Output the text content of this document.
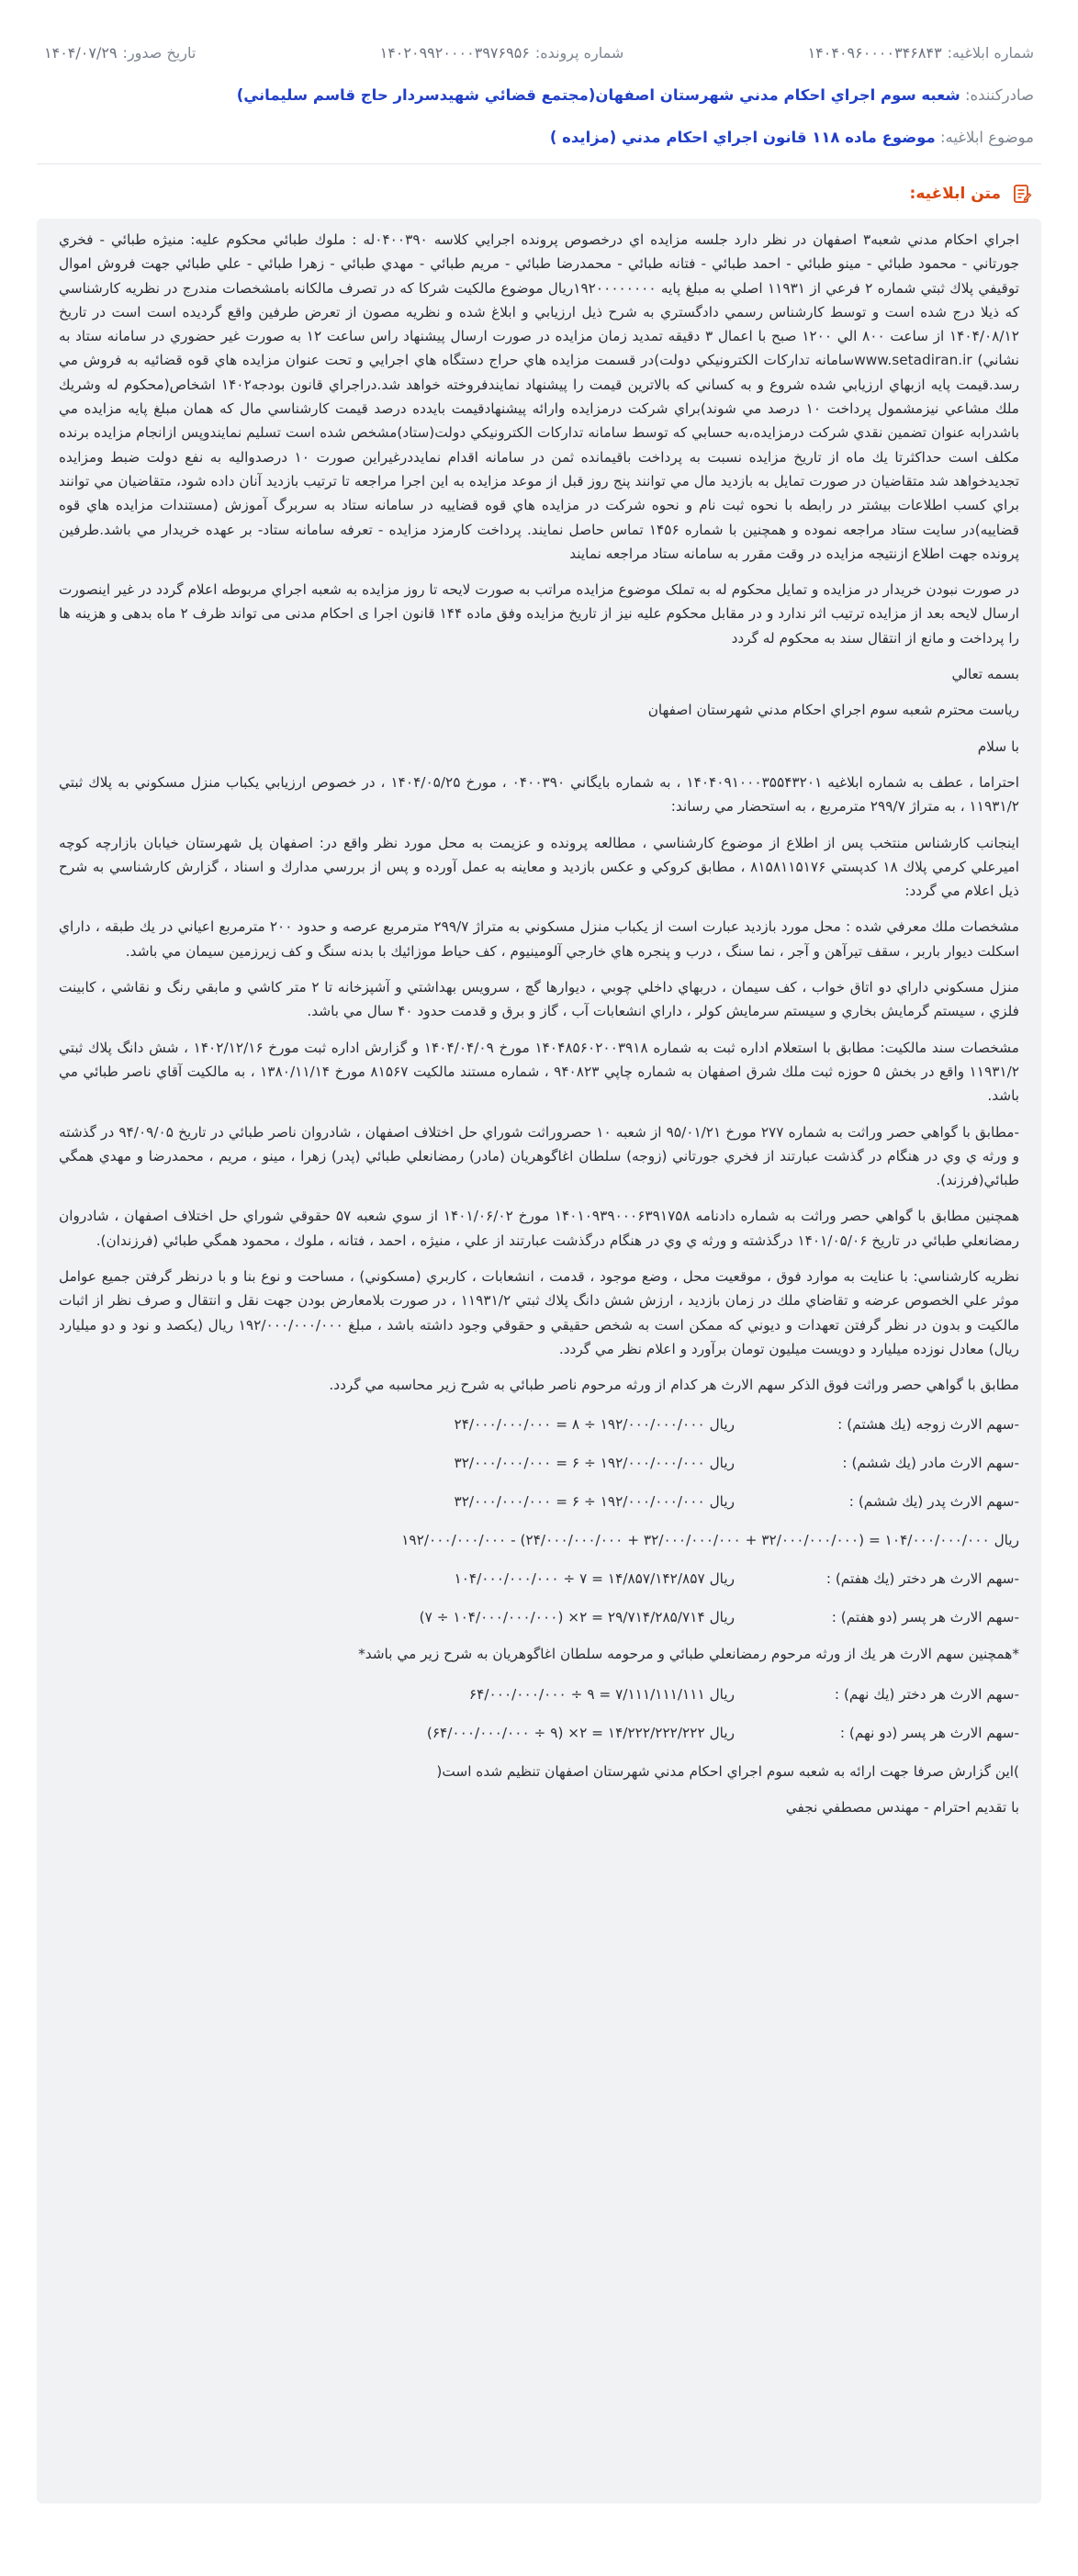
شماره ابلاغيه:
۱۴۰۴۰۹۶۰۰۰۰۳۴۶۸۴۳
شماره پرونده:
۱۴۰۲۰۹۹۲۰۰۰۰۳۹۷۶۹۵۶
تاريخ صدور:
۱۴۰۴/۰۷/۲۹
صادرکننده: شعبه سوم اجراي احکام مدني شهرستان اصفهان(مجتمع قضائي شهيدسردار حاج قاسم سليماني)
موضوع ابلاغيه: موضوع ماده ۱۱۸ قانون اجراي احکام مدني (مزايده )
متن ابلاغيه:

اجراي احکام مدني شعبه۳ اصفهان در نظر دارد جلسه مزايده اي درخصوص پرونده اجرايي کلاسه ۰۴۰۰۳۹۰له : ملوك طبائي محکوم عليه: منيژه طبائي - فخري جورتاني - محمود طبائي - مينو طبائي - احمد طبائي - فتانه طبائي - محمدرضا طبائي - مريم طبائي - مهدي طبائي - زهرا طبائي - علي طبائي جهت فروش اموال توقيفي پلاك ثبتي شماره ۲ فرعي از ۱۱۹۳۱ اصلي به مبلغ پايه ۱۹۲۰۰۰۰۰۰۰۰ريال موضوع مالکيت شرکا که در تصرف مالکانه بامشخصات مندرج در نظريه کارشناسي كه ذيلا درج شده است و توسط کارشناس رسمي دادگستري به شرح ذيل ارزيابي و ابلاغ شده و نظريه مصون از تعرض طرفين واقع گرديده است است در تاريخ ۱۴۰۴/۰۸/۱۲ از ساعت ۸۰۰ الي ۱۲۰۰ صبح با اعمال ۳ دقيقه تمديد زمان مزايده در صورت ارسال پيشنهاد راس ساعت ۱۲ به صورت غير حضوري در سامانه ستاد به نشاني) www.setadiran.irسامانه تداركات الكترونيكي دولت)در قسمت مزايده هاي حراج دستگاه هاي اجرايي و تحت عنوان مزايده هاي قوه قضائيه به فروش مي رسد.قيمت پايه ازبهاي ارزيابي شده شروع و به كساني كه بالاترين قيمت را پيشنهاد نمايندفروخته خواهد شد.دراجراي قانون بودجه۱۴۰۲ اشخاص(محكوم له وشريك ملك مشاعي نيزمشمول پرداخت ۱۰ درصد مي شوند)براي شرکت درمزايده وارائه پيشنهادقيمت بايدده درصد قيمت كارشناسي مال كه همان مبلغ پايه مزايده مي باشدرابه عنوان تضمين نقدي شركت درمزايده،به حسابي كه توسط سامانه تداركات الكترونيكي دولت(ستاد)مشخص شده است تسليم نمايندوپس ازانجام مزايده برنده مكلف است حداكثرتا يك ماه از تاريخ مزايده نسبت به پرداخت باقيمانده ثمن در سامانه اقدام نمايددرغيراين صورت ۱۰ درصدواليه به نفع دولت ضبط ومزايده تجديدخواهد شد متقاضيان در صورت تمايل به بازديد مال مي توانند پنج روز قبل از موعد مزايده به اين اجرا مراجعه تا ترتيب بازديد آنان داده شود، متقاضيان مي توانند براي کسب اطلاعات بيشتر در رابطه با نحوه ثبت نام و نحوه شرکت در مزايده هاي قوه قضاييه در سامانه ستاد به سربرگ آموزش (مستندات مزايده هاي قوه قضاييه)در سايت ستاد مراجعه نموده و همچنين با شماره ۱۴۵۶ تماس حاصل نمايند. پرداخت کارمزد مزايده - تعرفه سامانه ستاد- بر عهده خريدار مي باشد.طرفين پرونده جهت اطلاع ازنتيجه مزايده در وقت مقرر به سامانه ستاد مراجعه نمايند

در صورت نبودن خريدار در مزايده و تمايل محکوم له به تملک موضوع مزايده مراتب به صورت لايحه تا روز مزايده به شعبه اجراي مربوطه اعلام گردد در غير اينصورت ارسال لايحه بعد از مزايده ترتيب اثر ندارد و در مقابل محکوم عليه نيز از تاريخ مزايده وفق ماده ۱۴۴ قانون اجرا ی احکام مدنی می تواند ظرف ۲ ماه بدهی و هزينه ها را پرداخت و مانع از انتقال سند به محکوم له گردد

بسمه تعالي

رياست محترم شعبه سوم اجراي احكام مدني شهرستان اصفهان

با سلام

احتراما ، عطف به شماره ابلاغيه ۱۴۰۴۰۹۱۰۰۰۳۵۵۴۳۲۰۱ ، به شماره بايگاني ۰۴۰۰۳۹۰ ، مورخ ۱۴۰۴/۰۵/۲۵ ، در خصوص ارزيابي يکباب منزل مسکوني به پلاك ثبتي ۱۱۹۳۱/۲ ، به متراژ ۲۹۹/۷ مترمربع ، به استحضار مي رساند:

اينجانب کارشناس منتخب پس از اطلاع از موضوع کارشناسي ، مطالعه پرونده و عزيمت به محل مورد نظر واقع در: اصفهان پل شهرستان خيابان بازارچه كوچه اميرعلي كرمي پلاك ۱۸ كدپستي ۸۱۵۸۱۱۵۱۷۶ ، مطابق کروکي و عکس بازديد و معاينه به عمل آورده و پس از بررسي مدارك و اسناد ، گزارش کارشناسي به شرح ذيل اعلام مي گردد:

مشخصات ملك معرفي شده : محل مورد بازديد عبارت است از يکباب منزل مسکوني به متراژ ۲۹۹/۷ مترمربع عرصه و حدود ۲۰۰ مترمربع اعياني در يك طبقه ، داراي اسکلت ديوار باربر ، سقف تيرآهن و آجر ، نما سنگ ، درب و پنجره هاي خارجي آلومينيوم ، کف حياط موزائيك با بدنه سنگ و کف زيرزمين سيمان مي باشد.

منزل مسکوني داراي دو اتاق خواب ، کف سيمان ، دربهاي داخلي چوبي ، ديوارها گچ ، سرويس بهداشتي و آشپزخانه تا ۲ متر کاشي و مابقي رنگ و نقاشي ، کابينت فلزي ، سيستم گرمايش بخاري و سيستم سرمايش کولر ، داراي انشعابات آب ، گاز و برق و قدمت حدود ۴۰ سال مي باشد.

مشخصات سند مالكيت: مطابق با استعلام اداره ثبت به شماره ۱۴۰۴۸۵۶۰۲۰۰۳۹۱۸ مورخ ۱۴۰۴/۰۴/۰۹ و گزارش اداره ثبت مورخ ۱۴۰۲/۱۲/۱۶ ، شش دانگ پلاك ثبتي ۱۱۹۳۱/۲ واقع در بخش ۵ حوزه ثبت ملك شرق اصفهان به شماره چاپي ۹۴۰۸۲۳ ، شماره مستند مالکيت ۸۱۵۶۷ مورخ ۱۳۸۰/۱۱/۱۴ ، به مالکيت آقاي ناصر طبائي مي باشد.

-مطابق با گواهي حصر وراثت به شماره ۲۷۷ مورخ ۹۵/۰۱/۲۱ از شعبه ۱۰ حصروراثت شوراي حل اختلاف اصفهان ، شادروان ناصر طبائي در تاريخ ۹۴/۰۹/۰۵ در گذشته و ورثه ي وي در هنگام در گذشت عبارتند از فخري جورتاني (زوجه) سلطان اغاگوهريان (مادر) رمضانعلي طبائي (پدر) زهرا ، مينو ، مريم ، محمدرضا و مهدي همگي طبائي(فرزند).

همچنين مطابق با گواهي حصر وراثت به شماره دادنامه ۱۴۰۱۰۹۳۹۰۰۰۶۳۹۱۷۵۸ مورخ ۱۴۰۱/۰۶/۰۲ از سوي شعبه ۵۷ حقوقي شوراي حل اختلاف اصفهان ، شادروان رمضانعلي طبائي در تاريخ ۱۴۰۱/۰۵/۰۶ درگذشته و ورثه ي وي در هنگام درگذشت عبارتند از علي ، منيژه ، احمد ، فتانه ، ملوك ، محمود همگي طبائي (فرزندان).

نظريه کارشناسي: با عنايت به موارد فوق ، موقعيت محل ، وضع موجود ، قدمت ، انشعابات ، كاربري (مسکوني) ، مساحت و نوع بنا و با درنظر گرفتن جميع عوامل موثر علي الخصوص عرضه و تقاضاي ملك در زمان بازديد ، ارزش شش دانگ پلاك ثبتي ۱۱۹۳۱/۲ ، در صورت بلامعارض بودن جهت نقل و انتقال و صرف نظر از اثبات مالکيت و بدون در نظر گرفتن تعهدات و ديوني که ممکن است به شخص حقيقي و حقوقي وجود داشته باشد ، مبلغ ۱۹۲/۰۰۰/۰۰۰/۰۰۰ ريال (يکصد و نود و دو ميليارد ريال) معادل نوزده ميليارد و دويست ميليون تومان برآورد و اعلام نظر مي گردد.

مطابق با گواهي حصر وراثت فوق الذکر سهم الارث هر كدام از ورثه مرحوم ناصر طبائي به شرح زير محاسبه مي گردد.

-سهم الارث زوجه (يك هشتم) :
ريال ۱۹۲/۰۰۰/۰۰۰/۰۰۰ ÷ ۸ = ۲۴/۰۰۰/۰۰۰/۰۰۰
-سهم الارث مادر (يك ششم) :
ريال ۱۹۲/۰۰۰/۰۰۰/۰۰۰ ÷ ۶ = ۳۲/۰۰۰/۰۰۰/۰۰۰
-سهم الارث پدر (يك ششم) :
ريال ۱۹۲/۰۰۰/۰۰۰/۰۰۰ ÷ ۶ = ۳۲/۰۰۰/۰۰۰/۰۰۰
ريال ۱۰۴/۰۰۰/۰۰۰/۰۰۰ = (۳۲/۰۰۰/۰۰۰/۰۰۰ + ۳۲/۰۰۰/۰۰۰/۰۰۰ + ۲۴/۰۰۰/۰۰۰/۰۰۰) - ۱۹۲/۰۰۰/۰۰۰/۰۰۰
-سهم الارث هر دختر (يك هفتم) :
ريال ۱۴/۸۵۷/۱۴۲/۸۵۷ = ۷ ÷ ۱۰۴/۰۰۰/۰۰۰/۰۰۰
-سهم الارث هر پسر (دو هفتم) :
ريال ۲۹/۷۱۴/۲۸۵/۷۱۴ = ۲× (۱۰۴/۰۰۰/۰۰۰/۰۰۰ ÷ ۷)

*همچنين سهم الارث هر يك از ورثه مرحوم رمضانعلي طبائي و مرحومه سلطان اغاگوهريان به شرح زير مي باشد*

-سهم الارث هر دختر (يك نهم) :
ريال ۷/۱۱۱/۱۱۱/۱۱۱ = ۹ ÷ ۶۴/۰۰۰/۰۰۰/۰۰۰
-سهم الارث هر پسر (دو نهم) :
ريال ۱۴/۲۲۲/۲۲۲/۲۲۲ = ۲× (۹ ÷ ۶۴/۰۰۰/۰۰۰/۰۰۰)

)اين گزارش صرفا جهت ارائه به شعبه سوم اجراي احكام مدني شهرستان اصفهان تنظيم شده است(

با تقديم احترام - مهندس مصطفي نجفي
